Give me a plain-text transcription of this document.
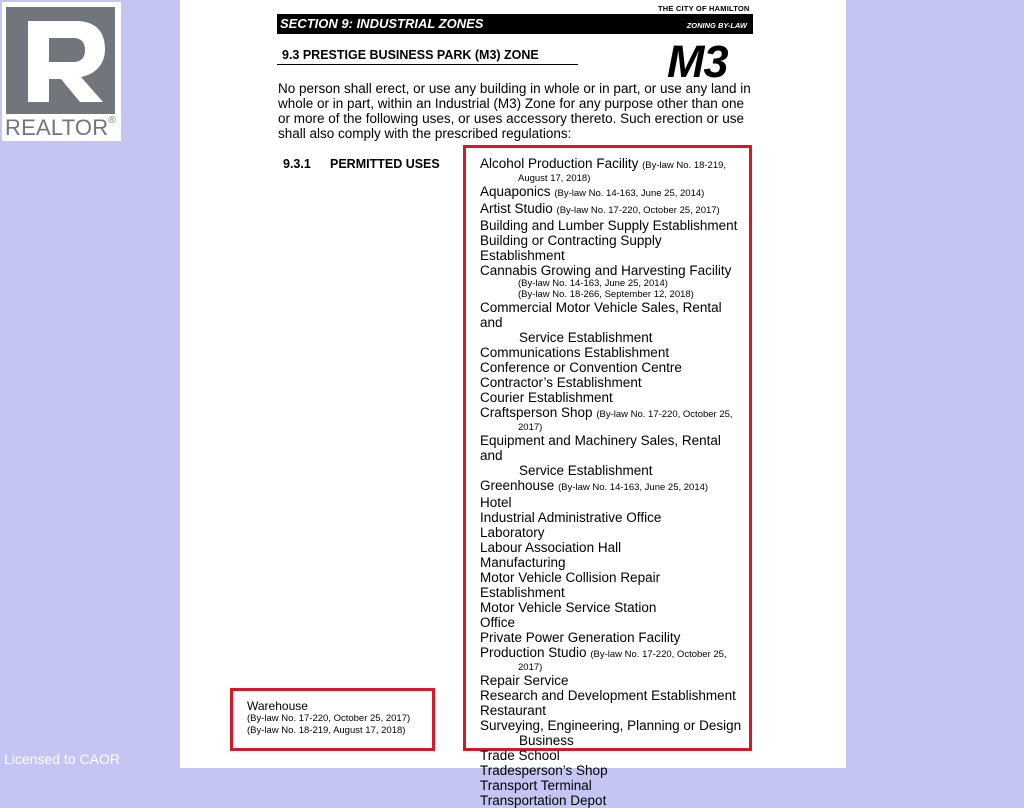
REALTOR®
Licensed to CAOR
THE CITY OF HAMILTON
SECTION 9: INDUSTRIAL ZONES	ZONING BY-LAW
9.3 PRESTIGE BUSINESS PARK (M3) ZONE	M3
No person shall erect, or use any building in whole or in part, or use any land in whole or in part, within an Industrial (M3) Zone for any purpose other than one or more of the following uses, or uses accessory thereto. Such erection or use shall also comply with the prescribed regulations:
9.3.1 PERMITTED USES	Alcohol Production Facility (By-law No. 18-219,
August 17, 2018)
Aquaponics (By-law No. 14-163, June 25, 2014)
Artist Studio (By-law No. 17-220, October 25, 2017)
Building and Lumber Supply Establishment
Building or Contracting Supply Establishment
Cannabis Growing and Harvesting Facility
(By-law No. 14-163, June 25, 2014)
(By-law No. 18-266, September 12, 2018)
Commercial Motor Vehicle Sales, Rental and
Service Establishment
Communications Establishment
Conference or Convention Centre
Contractor’s Establishment
Courier Establishment
Craftsperson Shop (By-law No. 17-220, October 25,
2017)
Equipment and Machinery Sales, Rental and
Service Establishment
Greenhouse (By-law No. 14-163, June 25, 2014)
Hotel
Industrial Administrative Office
Laboratory
Labour Association Hall
Manufacturing
Motor Vehicle Collision Repair Establishment
Motor Vehicle Service Station
Office
Private Power Generation Facility
Production Studio (By-law No. 17-220, October 25,
2017)
Repair Service
Research and Development Establishment
Restaurant
Surveying, Engineering, Planning or Design
Business
Trade School
Tradesperson’s Shop
Transport Terminal
Transportation Depot
Warehouse
(By-law No. 17-220, October 25, 2017)
(By-law No. 18-219, August 17, 2018)
